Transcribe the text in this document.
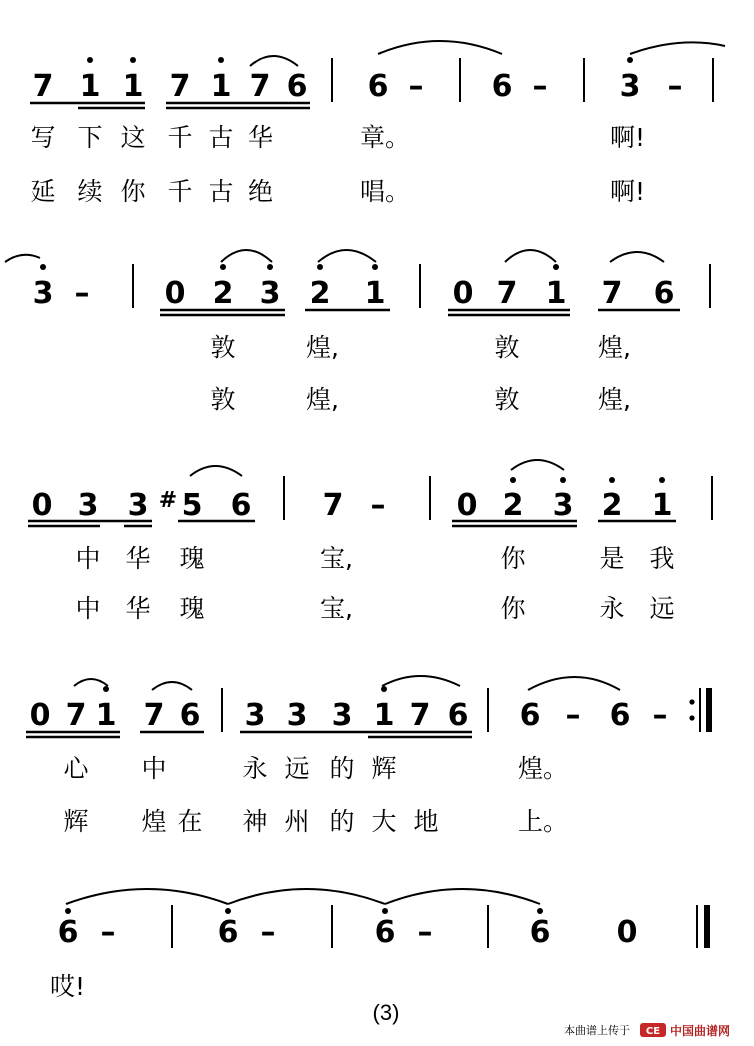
7 1 1 7 1 7 6 6 – 6 – 3 –
写 下 这 千 古 华	章。	啊!
延 续 你 千 古 绝	唱。	啊!
3 –	0 2 3 2 1 0 7 1 7 6
敦	煌,	敦	煌,
敦	煌,	敦	煌,
0 3 3 # 5 6 7 – 0 2 3 2 1
中 华 瑰	宝,	你	是 我
中 华 瑰	宝,	你	永 远
0 7 1 7 6 3 3 3 1 7 6 6 – 6 –
心 中	永 远 的 辉	煌。
辉 煌 在 神 州 的 大 地	上。
6 –	6 –	6 –	6 0
哎!
(3)
本曲谱上传于 CE 中国曲谱网
